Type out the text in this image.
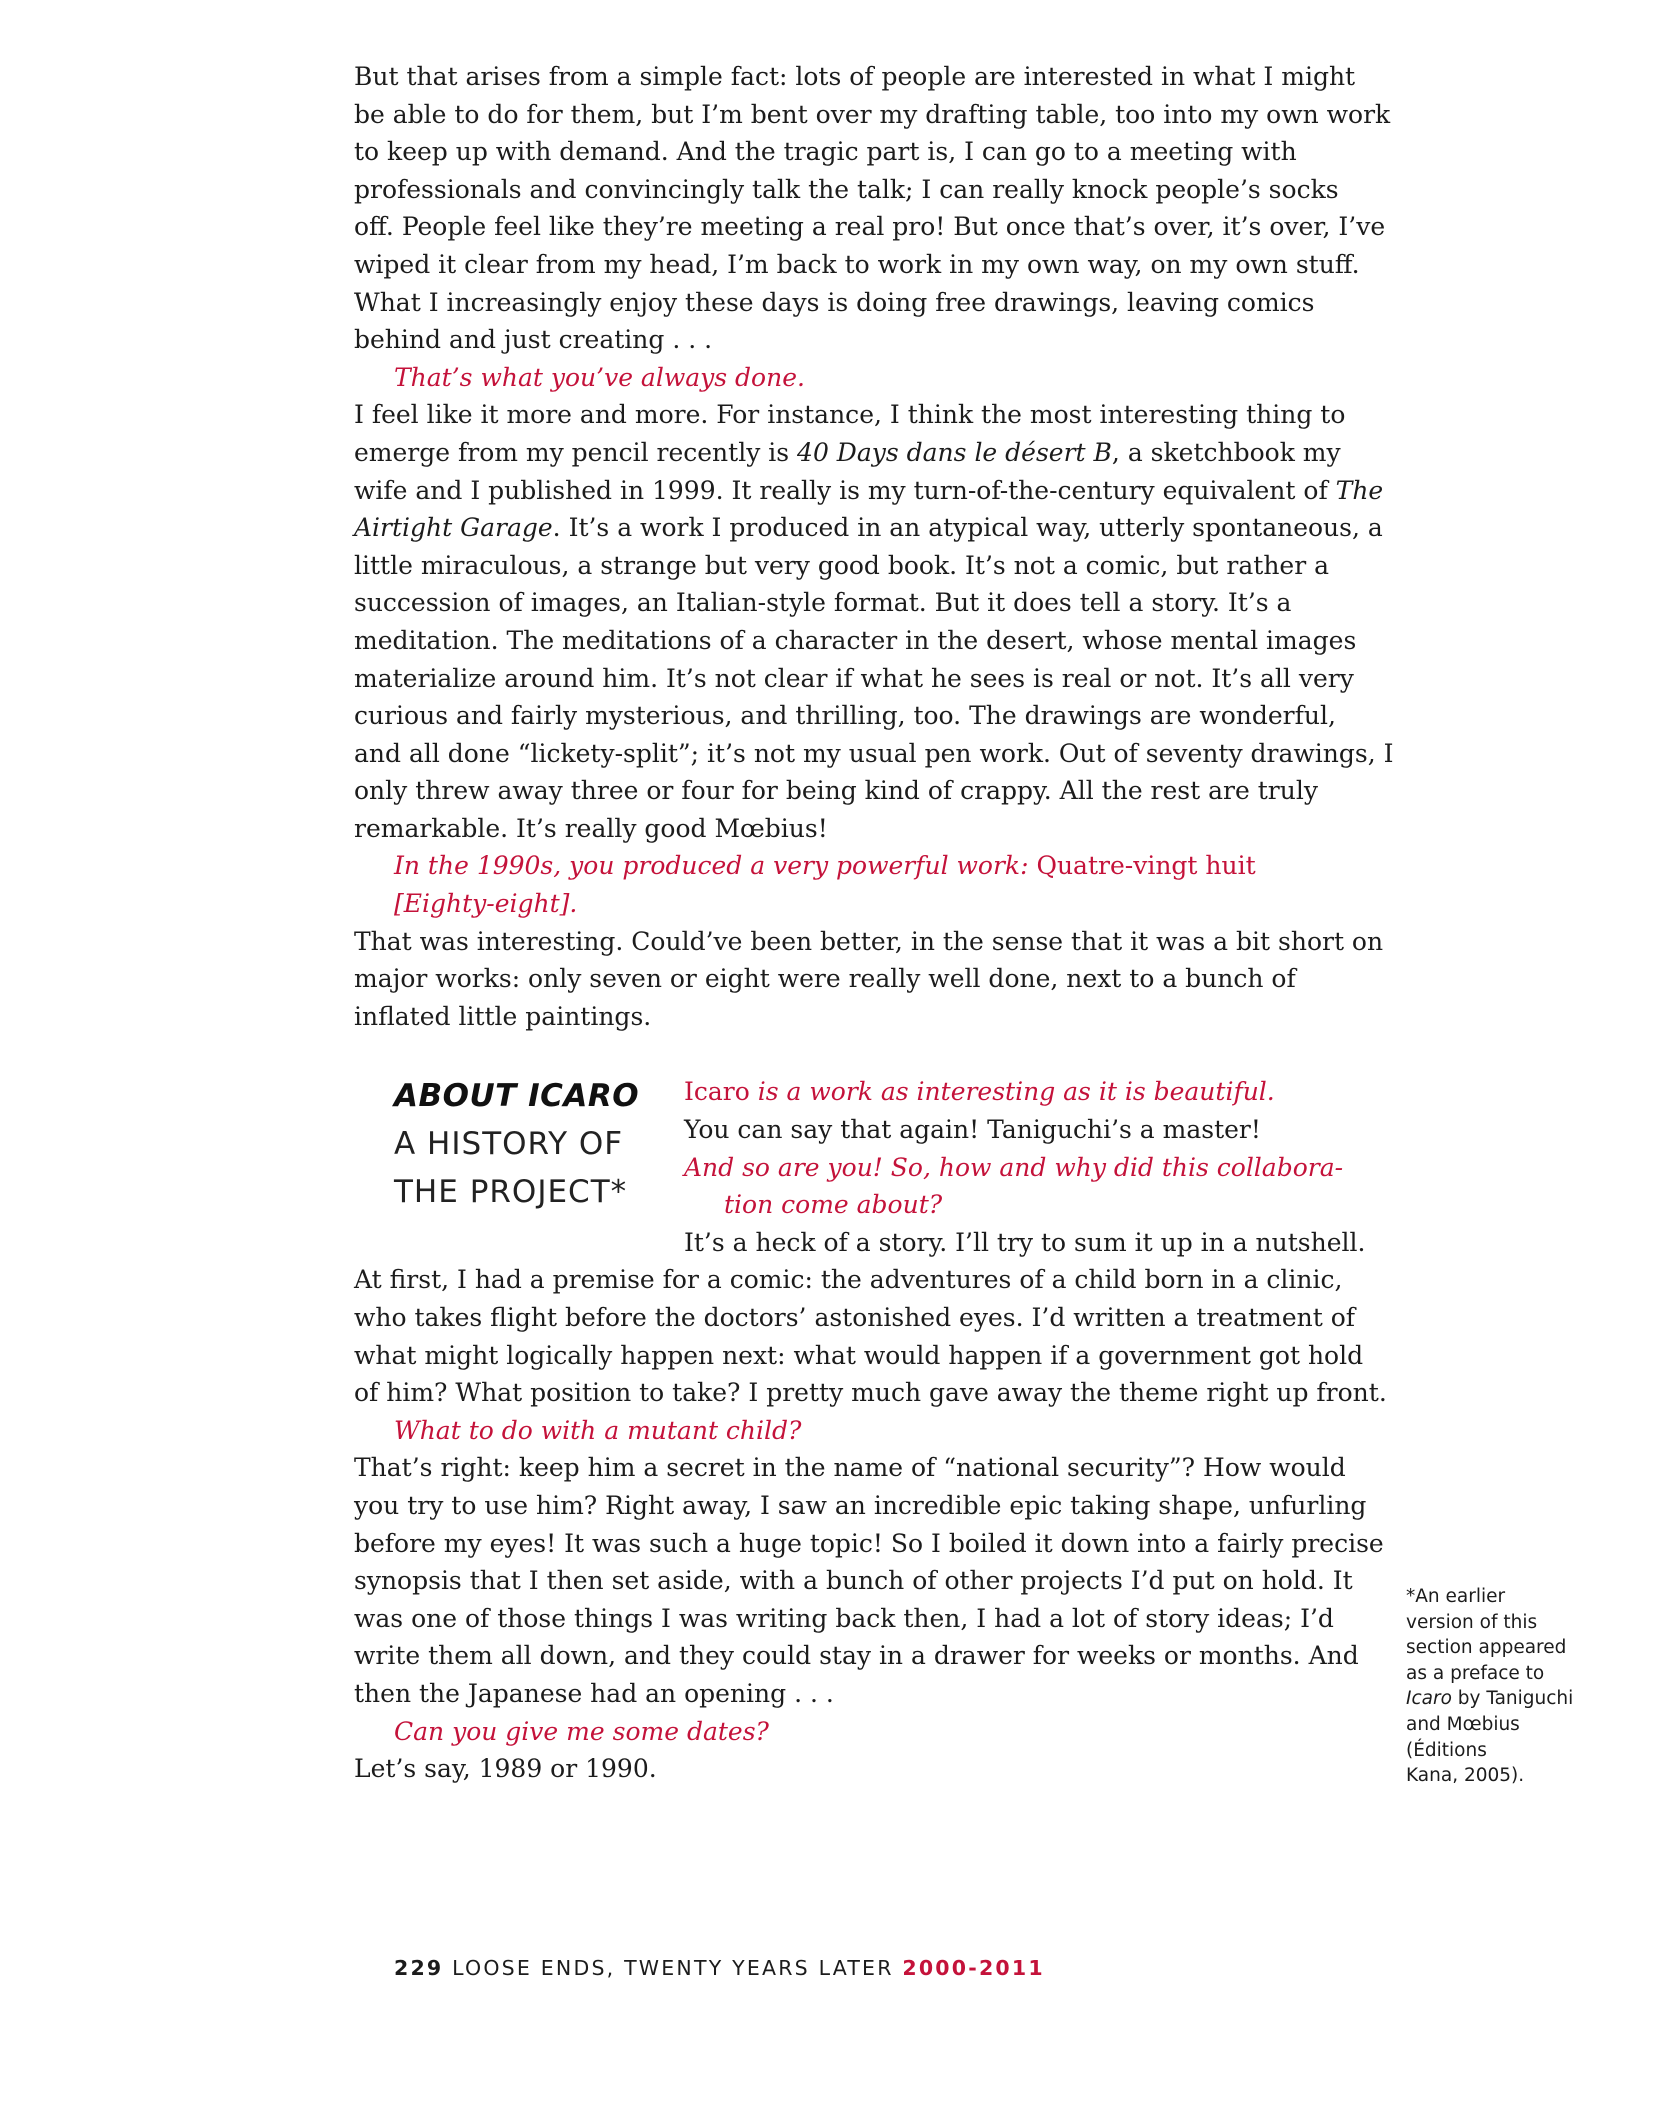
But that arises from a simple fact: lots of people are interested in what I might
be able to do for them, but I’m bent over my drafting table, too into my own work
to keep up with demand. And the tragic part is, I can go to a meeting with
professionals and convincingly talk the talk; I can really knock people’s socks
off. People feel like they’re meeting a real pro! But once that’s over, it’s over, I’ve
wiped it clear from my head, I’m back to work in my own way, on my own stuff.
What I increasingly enjoy these days is doing free drawings, leaving comics
behind and just creating . . .
That’s what you’ve always done.
I feel like it more and more. For instance, I think the most interesting thing to
emerge from my pencil recently is 40 Days dans le désert B, a sketchbook my
wife and I published in 1999. It really is my turn-of-the-century equivalent of The
Airtight Garage. It’s a work I produced in an atypical way, utterly spontaneous, a
little miraculous, a strange but very good book. It’s not a comic, but rather a
succession of images, an Italian-style format. But it does tell a story. It’s a
meditation. The meditations of a character in the desert, whose mental images
materialize around him. It’s not clear if what he sees is real or not. It’s all very
curious and fairly mysterious, and thrilling, too. The drawings are wonderful,
and all done “lickety-split”; it’s not my usual pen work. Out of seventy drawings, I
only threw away three or four for being kind of crappy. All the rest are truly
remarkable. It’s really good Mœbius!
In the 1990s, you produced a very powerful work: Quatre-vingt huit
[Eighty-eight].
That was interesting. Could’ve been better, in the sense that it was a bit short on
major works: only seven or eight were really well done, next to a bunch of
inflated little paintings.
Icaro is a work as interesting as it is beautiful.
You can say that again! Taniguchi’s a master!
And so are you! So, how and why did this collabora-
tion come about?
It’s a heck of a story. I’ll try to sum it up in a nutshell.
At first, I had a premise for a comic: the adventures of a child born in a clinic,
who takes flight before the doctors’ astonished eyes. I’d written a treatment of
what might logically happen next: what would happen if a government got hold
of him? What position to take? I pretty much gave away the theme right up front.
What to do with a mutant child?
That’s right: keep him a secret in the name of “national security”? How would
you try to use him? Right away, I saw an incredible epic taking shape, unfurling
before my eyes! It was such a huge topic! So I boiled it down into a fairly precise
synopsis that I then set aside, with a bunch of other projects I’d put on hold. It
was one of those things I was writing back then, I had a lot of story ideas; I’d
write them all down, and they could stay in a drawer for weeks or months. And
then the Japanese had an opening . . .
Can you give me some dates?
Let’s say, 1989 or 1990.
ABOUT ICARO
A HISTORY OF
THE PROJECT*
*An earlier
version of this
section appeared
as a preface to
Icaro by Taniguchi
and Mœbius
(Éditions
Kana, 2005).
229 LOOSE ENDS, TWENTY YEARS LATER 2000-2011
